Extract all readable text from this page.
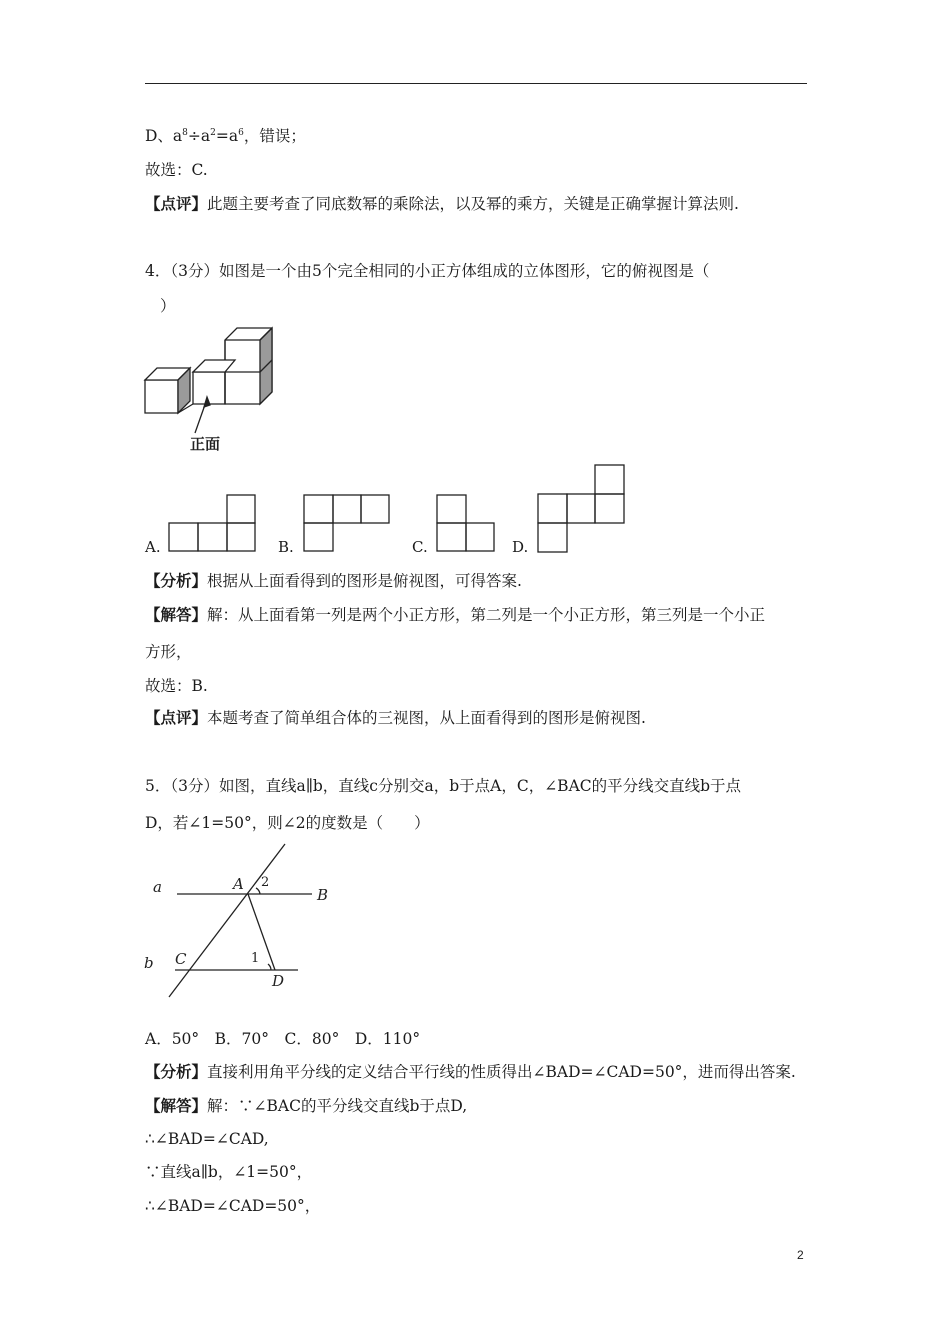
D、$a^8\div a^2=a^6$，错误；
故选：C.
【点评】此题主要考查了同底数幂的乘除法，以及幂的乘方，关键是正确掌握计算法则.
4．（3分）如图是一个由5个完全相同的小正方体组成的立体图形，它的俯视图是（
）
正面
A.	B.	C.	D.
【分析】根据从上面看得到的图形是俯视图，可得答案.
【解答】解：从上面看第一列是两个小正方形，第二列是一个小正方形，第三列是一个小正
方形，
故选：B.
【点评】本题考查了简单组合体的三视图，从上面看得到的图形是俯视图.
5．（3分）如图，直线a∥b，直线c分别交a，b于点A，C，∠BAC的平分线交直线b于点
D，若∠1=50°，则∠2的度数是（　　）
a
b
A
B
C
D
1
2
A．50°　B．70°　C．80°　D．110°
【分析】直接利用角平分线的定义结合平行线的性质得出∠BAD=∠CAD=50°，进而得出答案.
【解答】解：∵∠BAC的平分线交直线b于点D,
∴∠BAD=∠CAD,
∵直线a∥b，∠1=50°，
∴∠BAD=∠CAD=50°，
2
